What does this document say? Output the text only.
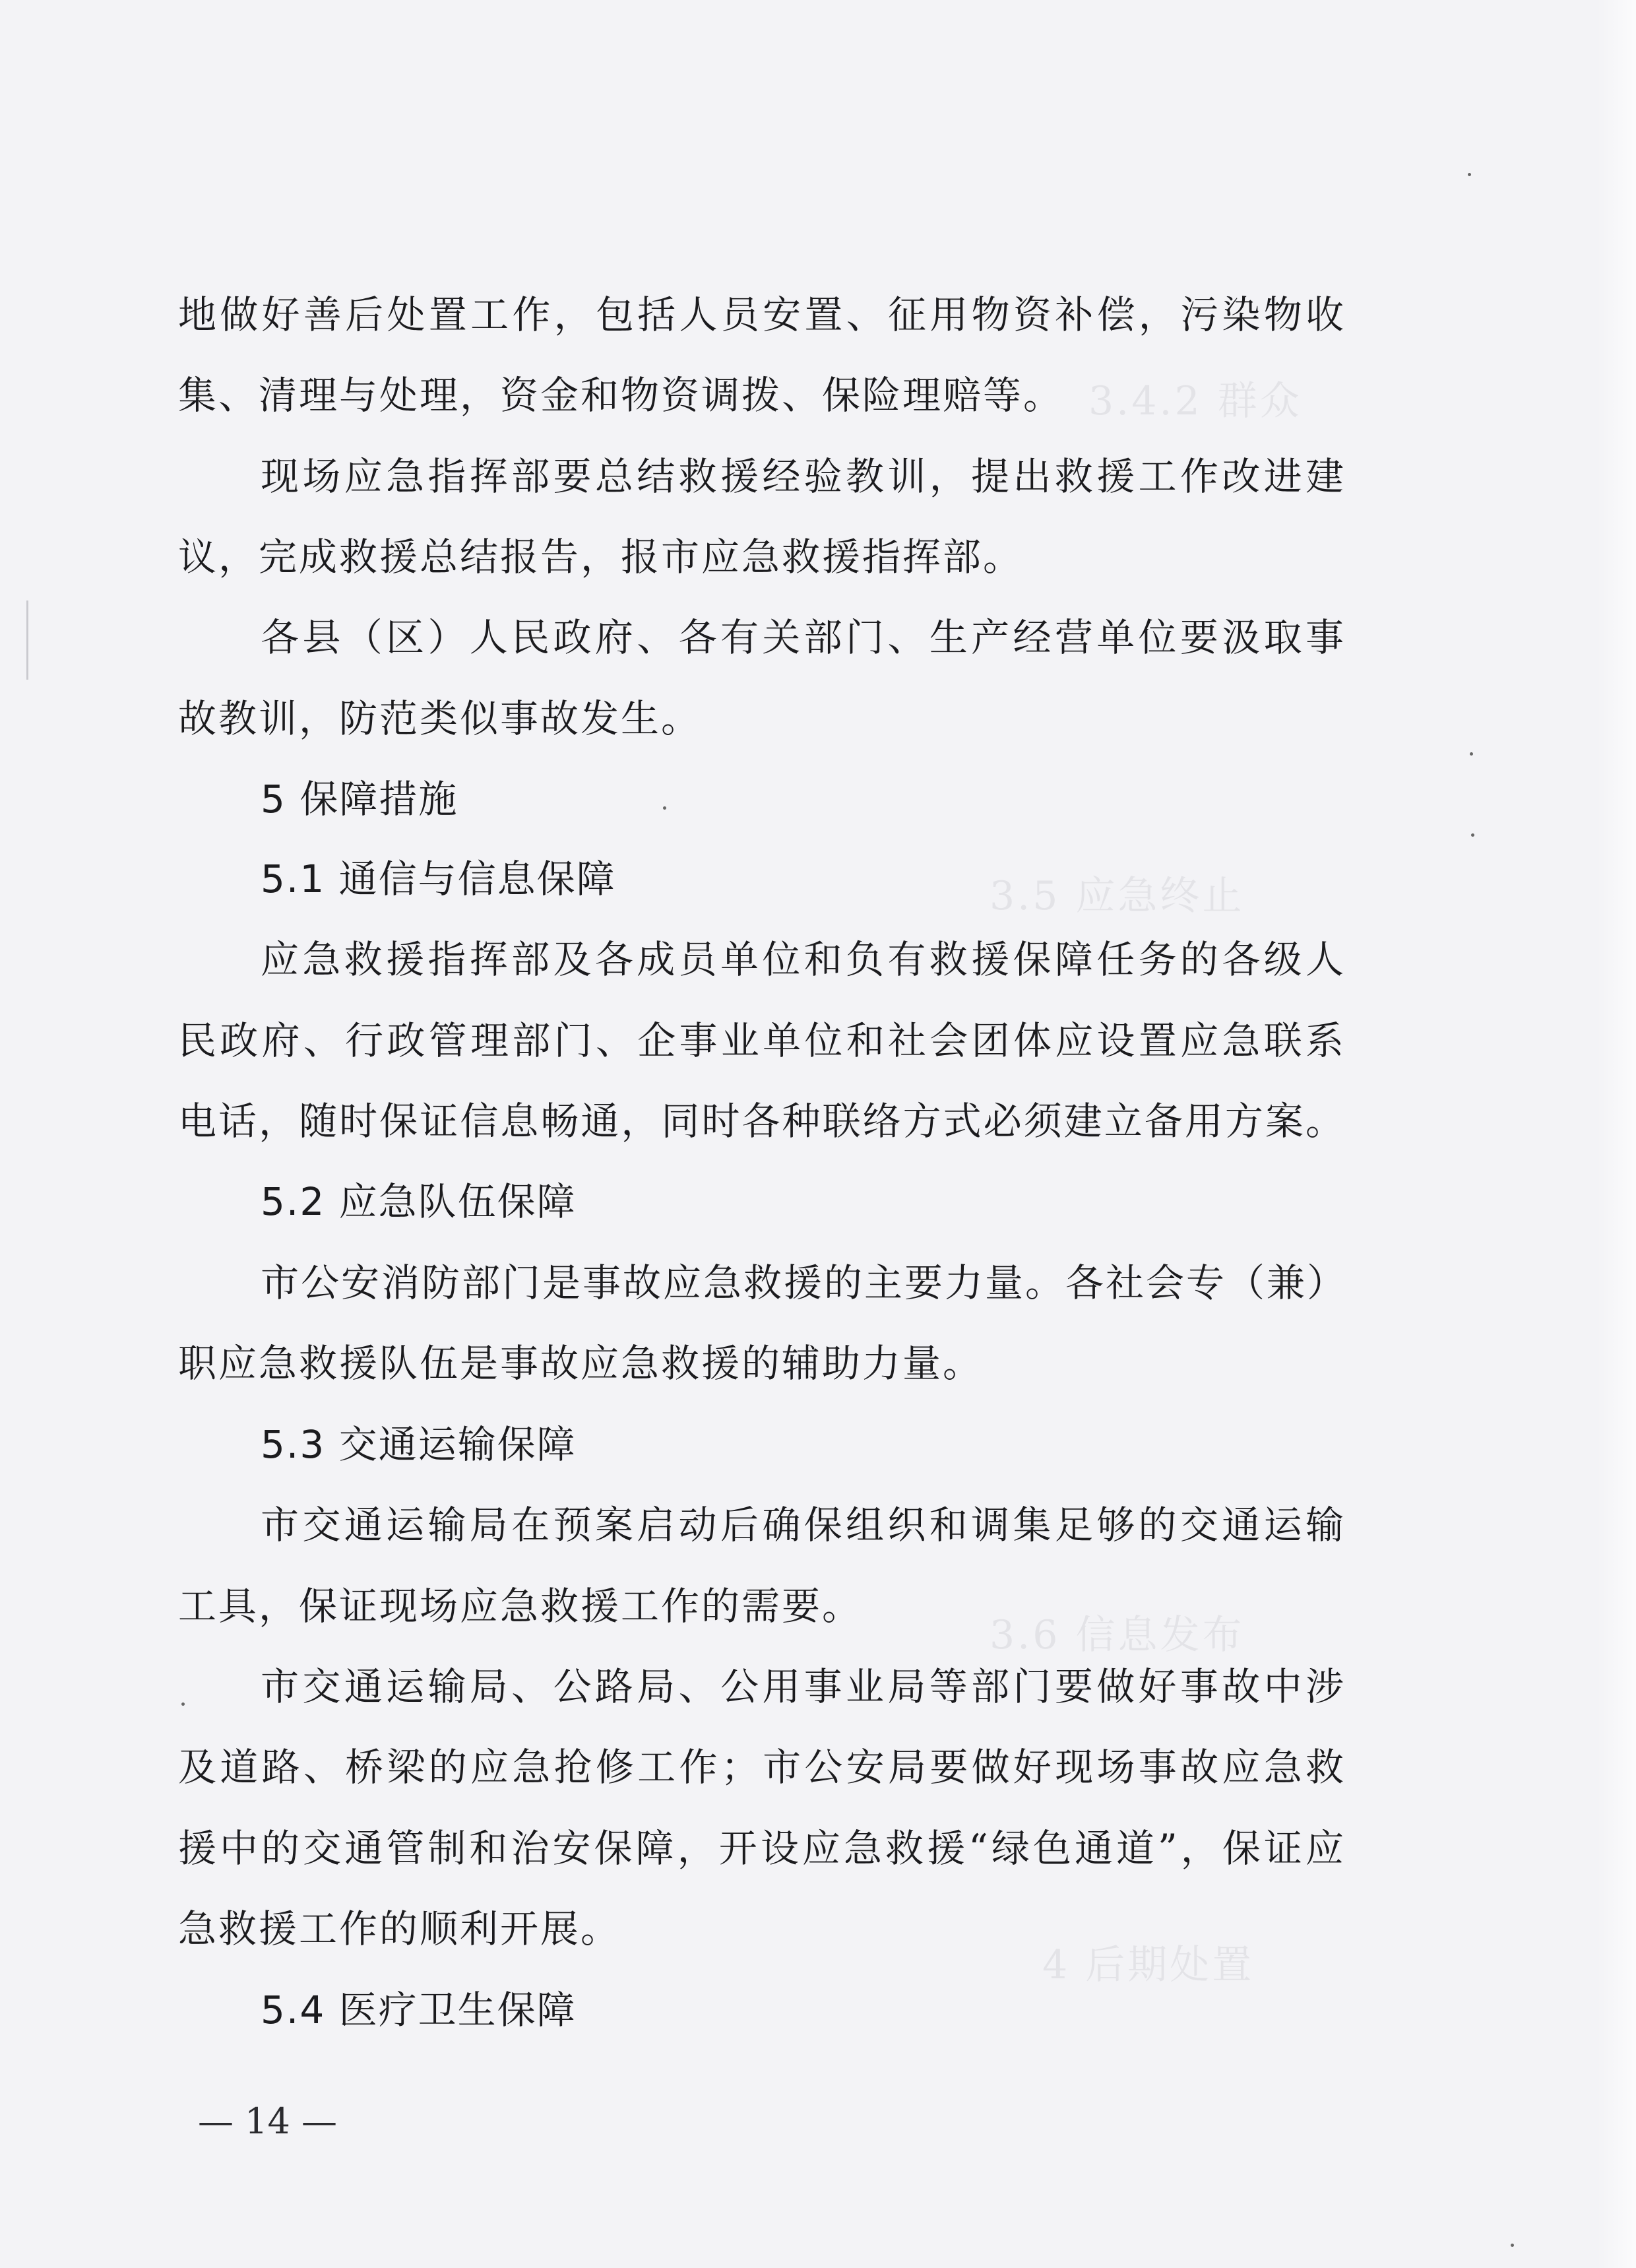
3.4.2 群众
3.5 应急终止
3.6 信息发布
4 后期处置
地做好善后处置工作，包括人员安置、征用物资补偿，污染物收
集、清理与处理，资金和物资调拨、保险理赔等。
现场应急指挥部要总结救援经验教训，提出救援工作改进建
议，完成救援总结报告，报市应急救援指挥部。
各县（区）人民政府、各有关部门、生产经营单位要汲取事
故教训，防范类似事故发生。
5 保障措施
5.1 通信与信息保障
应急救援指挥部及各成员单位和负有救援保障任务的各级人
民政府、行政管理部门、企事业单位和社会团体应设置应急联系
电话，随时保证信息畅通，同时各种联络方式必须建立备用方案。
5.2 应急队伍保障
市公安消防部门是事故应急救援的主要力量。各社会专（兼）
职应急救援队伍是事故应急救援的辅助力量。
5.3 交通运输保障
市交通运输局在预案启动后确保组织和调集足够的交通运输
工具，保证现场应急救援工作的需要。
市交通运输局、公路局、公用事业局等部门要做好事故中涉
及道路、桥梁的应急抢修工作；市公安局要做好现场事故应急救
援中的交通管制和治安保障，开设应急救援“绿色通道”，保证应
急救援工作的顺利开展。
5.4 医疗卫生保障
— 14 —
